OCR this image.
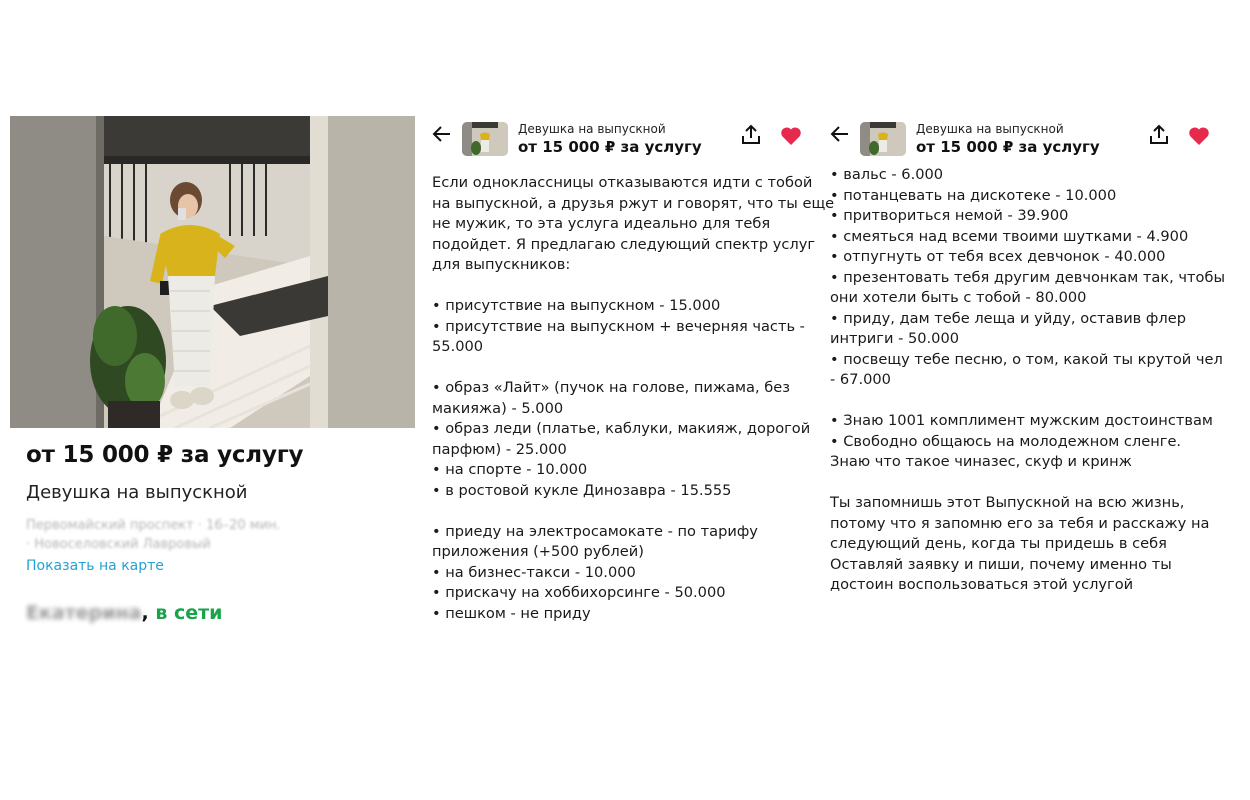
от 15 000 ₽ за услугу
Девушка на выпускной
Первомайский проспект · 16–20 мин.
· Новоселовский Лавровый
Показать на карте
Екатерина, в сети
Девушка на выпускной
от 15 000 ₽ за услугу
Если одноклассницы отказываются идти с тобой
на выпускной, а друзья ржут и говорят, что ты еще
не мужик, то эта услуга идеально для тебя
подойдет. Я предлагаю следующий спектр услуг
для выпускников:
• присутствие на выпускном - 15.000
• присутствие на выпускном + вечерняя часть -
55.000
• образ «Лайт» (пучок на голове, пижама, без
макияжа) - 5.000
• образ леди (платье, каблуки, макияж, дорогой
парфюм) - 25.000
• на спорте - 10.000
• в ростовой кукле Динозавра - 15.555
• приеду на электросамокате - по тарифу
приложения (+500 рублей)
• на бизнес-такси - 10.000
• прискачу на хоббихорсинге - 50.000
• пешком - не приду
Девушка на выпускной
от 15 000 ₽ за услугу
• вальс - 6.000
• потанцевать на дискотеке - 10.000
• притвориться немой - 39.900
• смеяться над всеми твоими шутками - 4.900
• отпугнуть от тебя всех девчонок - 40.000
• презентовать тебя другим девчонкам так, чтобы
они хотели быть с тобой - 80.000
• приду, дам тебе леща и уйду, оставив флер
интриги - 50.000
• посвещу тебе песню, о том, какой ты крутой чел
- 67.000
• Знаю 1001 комплимент мужским достоинствам
• Свободно общаюсь на молодежном сленге.
Знаю что такое чиназес, скуф и кринж
Ты запомнишь этот Выпускной на всю жизнь,
потому что я запомню его за тебя и расскажу на
следующий день, когда ты придешь в себя
Оставляй заявку и пиши, почему именно ты
достоин воспользоваться этой услугой
